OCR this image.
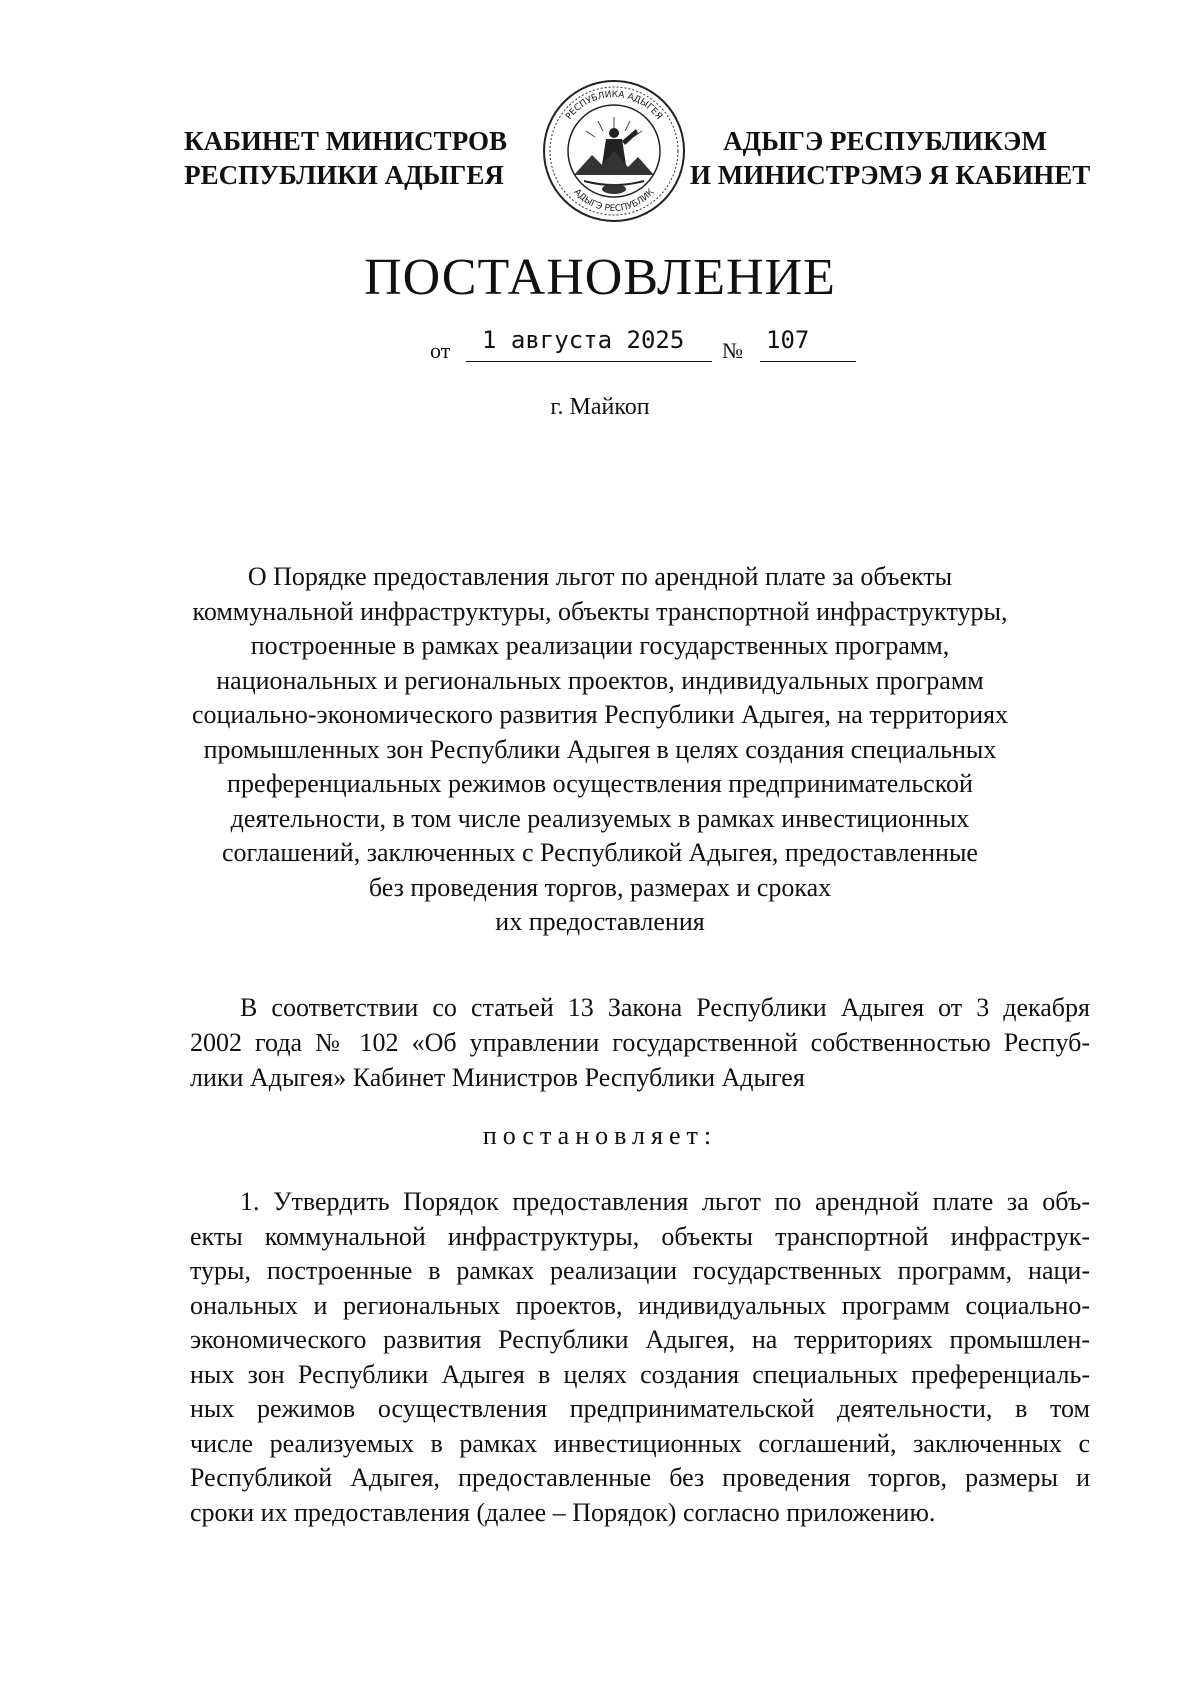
КАБИНЕТ МИНИСТРОВ
РЕСПУБЛИКИ АДЫГЕЯ
РЕСПУБЛИКА АДЫГЕЯ
АДЫГЭ РЕСПУБЛИК
АДЫГЭ РЕСПУБЛИКЭМ
И МИНИСТРЭМЭ Я КАБИНЕТ
ПОСТАНОВЛЕНИЕ
от	1 августа 2025	№ 107
г. Майкоп
О Порядке предоставления льгот по арендной плате за объекты
коммунальной инфраструктуры, объекты транспортной инфраструктуры,
построенные в рамках реализации государственных программ,
национальных и региональных проектов, индивидуальных программ
социально-экономического развития Республики Адыгея, на территориях
промышленных зон Республики Адыгея в целях создания специальных
преференциальных режимов осуществления предпринимательской
деятельности, в том числе реализуемых в рамках инвестиционных
соглашений, заключенных с Республикой Адыгея, предоставленные
без проведения торгов, размерах и сроках
их предоставления
В соответствии со статьей 13 Закона Республики Адыгея от 3 декабря
2002 года № 102 «Об управлении государственной собственностью Респуб-
лики Адыгея» Кабинет Министров Республики Адыгея
постановляет:
1. Утвердить Порядок предоставления льгот по арендной плате за объ-
екты коммунальной инфраструктуры, объекты транспортной инфраструк-
туры, построенные в рамках реализации государственных программ, наци-
ональных и региональных проектов, индивидуальных программ социально-
экономического развития Республики Адыгея, на территориях промышлен-
ных зон Республики Адыгея в целях создания специальных преференциаль-
ных режимов осуществления предпринимательской деятельности, в том
числе реализуемых в рамках инвестиционных соглашений, заключенных с
Республикой Адыгея, предоставленные без проведения торгов, размеры и
сроки их предоставления (далее – Порядок) согласно приложению.
